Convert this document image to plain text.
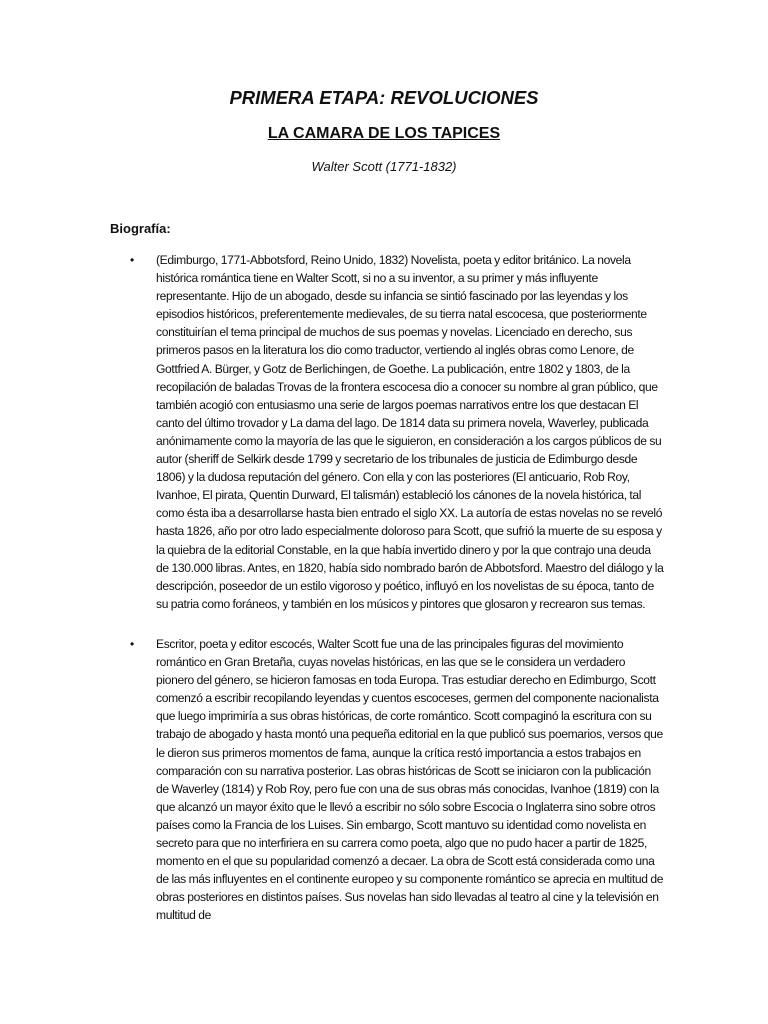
PRIMERA ETAPA: REVOLUCIONES
LA CAMARA DE LOS TAPICES

Walter Scott (1771-1832)

Biografía:

•	(Edimburgo, 1771-Abbotsford, Reino Unido, 1832) Novelista, poeta y editor británico. La novela histórica romántica tiene en Walter Scott, si no a su inventor, a su primer y más influyente representante. Hijo de un abogado, desde su infancia se sintió fascinado por las leyendas y los episodios históricos, preferentemente medievales, de su tierra natal escocesa, que posteriormente constituirían el tema principal de muchos de sus poemas y novelas. Licenciado en derecho, sus primeros pasos en la literatura los dio como traductor, vertiendo al inglés obras como Lenore, de Gottfried A. Bürger, y Gotz de Berlichingen, de Goethe. La publicación, entre 1802 y 1803, de la recopilación de baladas Trovas de la frontera escocesa dio a conocer su nombre al gran público, que también acogió con entusiasmo una serie de largos poemas narrativos entre los que destacan El canto del último trovador y La dama del lago. De 1814 data su primera novela, Waverley, publicada anónimamente como la mayoría de las que le siguieron, en consideración a los cargos públicos de su autor (sheriff de Selkirk desde 1799 y secretario de los tribunales de justicia de Edimburgo desde 1806) y la dudosa reputación del género. Con ella y con las posteriores (El anticuario, Rob Roy, Ivanhoe, El pirata, Quentin Durward, El talismán) estableció los cánones de la novela histórica, tal como ésta iba a desarrollarse hasta bien entrado el siglo XX. La autoría de estas novelas no se reveló hasta 1826, año por otro lado especialmente doloroso para Scott, que sufrió la muerte de su esposa y la quiebra de la editorial Constable, en la que había invertido dinero y por la que contrajo una deuda de 130.000 libras. Antes, en 1820, había sido nombrado barón de Abbotsford. Maestro del diálogo y la descripción, poseedor de un estilo vigoroso y poético, influyó en los novelistas de su época, tanto de su patria como foráneos, y también en los músicos y pintores que glosaron y recrearon sus temas.

•	Escritor, poeta y editor escocés, Walter Scott fue una de las principales figuras del movimiento romántico en Gran Bretaña, cuyas novelas históricas, en las que se le considera un verdadero pionero del género, se hicieron famosas en toda Europa. Tras estudiar derecho en Edimburgo, Scott comenzó a escribir recopilando leyendas y cuentos escoceses, germen del componente nacionalista que luego imprimiría a sus obras históricas, de corte romántico. Scott compaginó la escritura con su trabajo de abogado y hasta montó una pequeña editorial en la que publicó sus poemarios, versos que le dieron sus primeros momentos de fama, aunque la crítica restó importancia a estos trabajos en comparación con su narrativa posterior. Las obras históricas de Scott se iniciaron con la publicación de Waverley (1814) y Rob Roy, pero fue con una de sus obras más conocidas, Ivanhoe (1819) con la que alcanzó un mayor éxito que le llevó a escribir no sólo sobre Escocia o Inglaterra sino sobre otros países como la Francia de los Luises. Sin embargo, Scott mantuvo su identidad como novelista en secreto para que no interfiriera en su carrera como poeta, algo que no pudo hacer a partir de 1825, momento en el que su popularidad comenzó a decaer. La obra de Scott está considerada como una de las más influyentes en el continente europeo y su componente romántico se aprecia en multitud de obras posteriores en distintos países. Sus novelas han sido llevadas al teatro al cine y la televisión en multitud de
